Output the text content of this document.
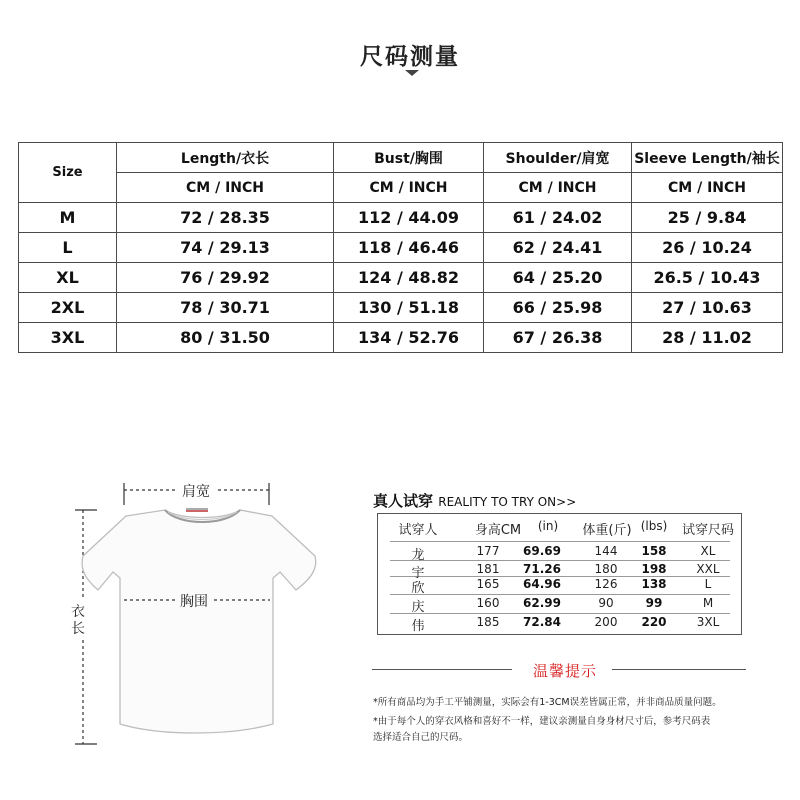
尺码测量
Size	Length/衣长	Bust/胸围	Shoulder/肩宽	Sleeve Length/袖长
	CM / INCH	CM / INCH	CM / INCH	CM / INCH
M	72 / 28.35	112 / 44.09	61 / 24.02	25 / 9.84
L	74 / 29.13	118 / 46.46	62 / 24.41	26 / 10.24
XL	76 / 29.92	124 / 48.82	64 / 25.20	26.5 / 10.43
2XL	78 / 30.71	130 / 51.18	66 / 25.98	27 / 10.63
3XL	80 / 31.50	134 / 52.76	67 / 26.38	28 / 11.02
肩宽
胸围
衣长
真人试穿 REALITY TO TRY ON>>
试穿人	身高CM	(in)	体重(斤) (lbs)	试穿尺码
龙	177	69.69	144	158	XL
宇	181	71.26	180	198	XXL
欣	165	64.96	126	138	L
庆	160	62.99	90	99	M
伟	185	72.84	200	220	3XL
温馨提示
*所有商品均为手工平铺测量，实际会有1-3CM误差皆属正常，并非商品质量问题。
*由于每个人的穿衣风格和喜好不一样，建议亲测量自身身材尺寸后，参考尺码表
选择适合自己的尺码。
